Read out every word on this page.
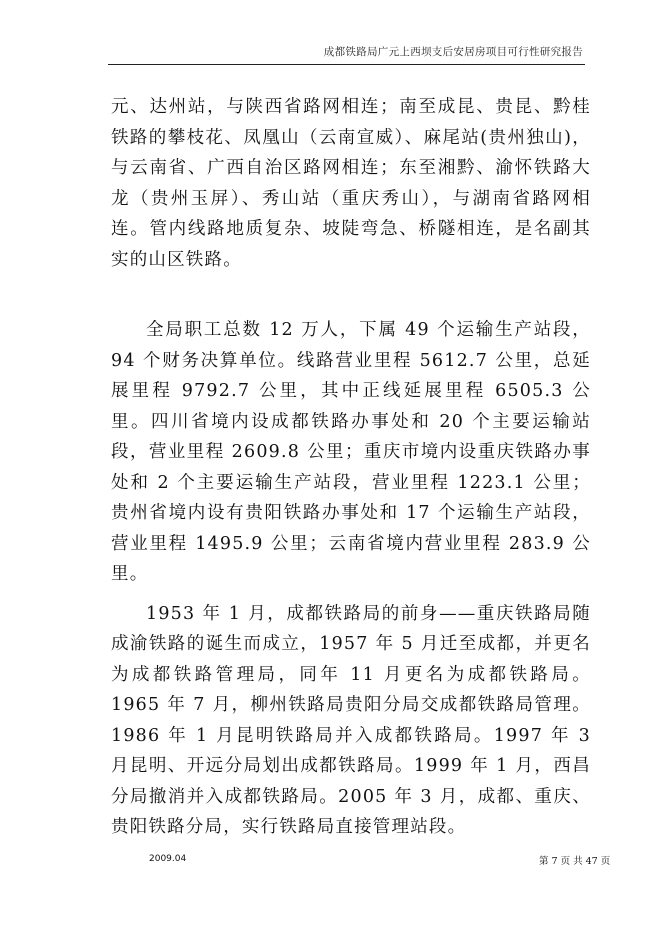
成都铁路局广元上西坝支后安居房项目可行性研究报告

元、达州站，与陕西省路网相连；南至成昆、贵昆、黔桂铁路的攀枝花、凤凰山（云南宣威）、麻尾站(贵州独山)，与云南省、广西自治区路网相连；东至湘黔、渝怀铁路大龙（贵州玉屏）、秀山站（重庆秀山），与湖南省路网相连。管内线路地质复杂、坡陡弯急、桥隧相连，是名副其实的山区铁路。

全局职工总数 12 万人，下属 49 个运输生产站段，94 个财务决算单位。线路营业里程 5612.7 公里，总延展里程 9792.7 公里，其中正线延展里程 6505.3 公里。四川省境内设成都铁路办事处和 20 个主要运输站段，营业里程 2609.8 公里；重庆市境内设重庆铁路办事处和 2 个主要运输生产站段，营业里程 1223.1 公里；贵州省境内设有贵阳铁路办事处和 17 个运输生产站段，营业里程 1495.9 公里；云南省境内营业里程 283.9 公里。

1953 年 1 月，成都铁路局的前身——重庆铁路局随成渝铁路的诞生而成立，1957 年 5 月迁至成都，并更名为成都铁路管理局，同年 11 月更名为成都铁路局。1965 年 7 月，柳州铁路局贵阳分局交成都铁路局管理。1986 年 1 月昆明铁路局并入成都铁路局。1997 年 3 月昆明、开远分局划出成都铁路局。1999 年 1 月，西昌分局撤消并入成都铁路局。2005 年 3 月，成都、重庆、贵阳铁路分局，实行铁路局直接管理站段。

2009.04	第 7 页 共 47 页
